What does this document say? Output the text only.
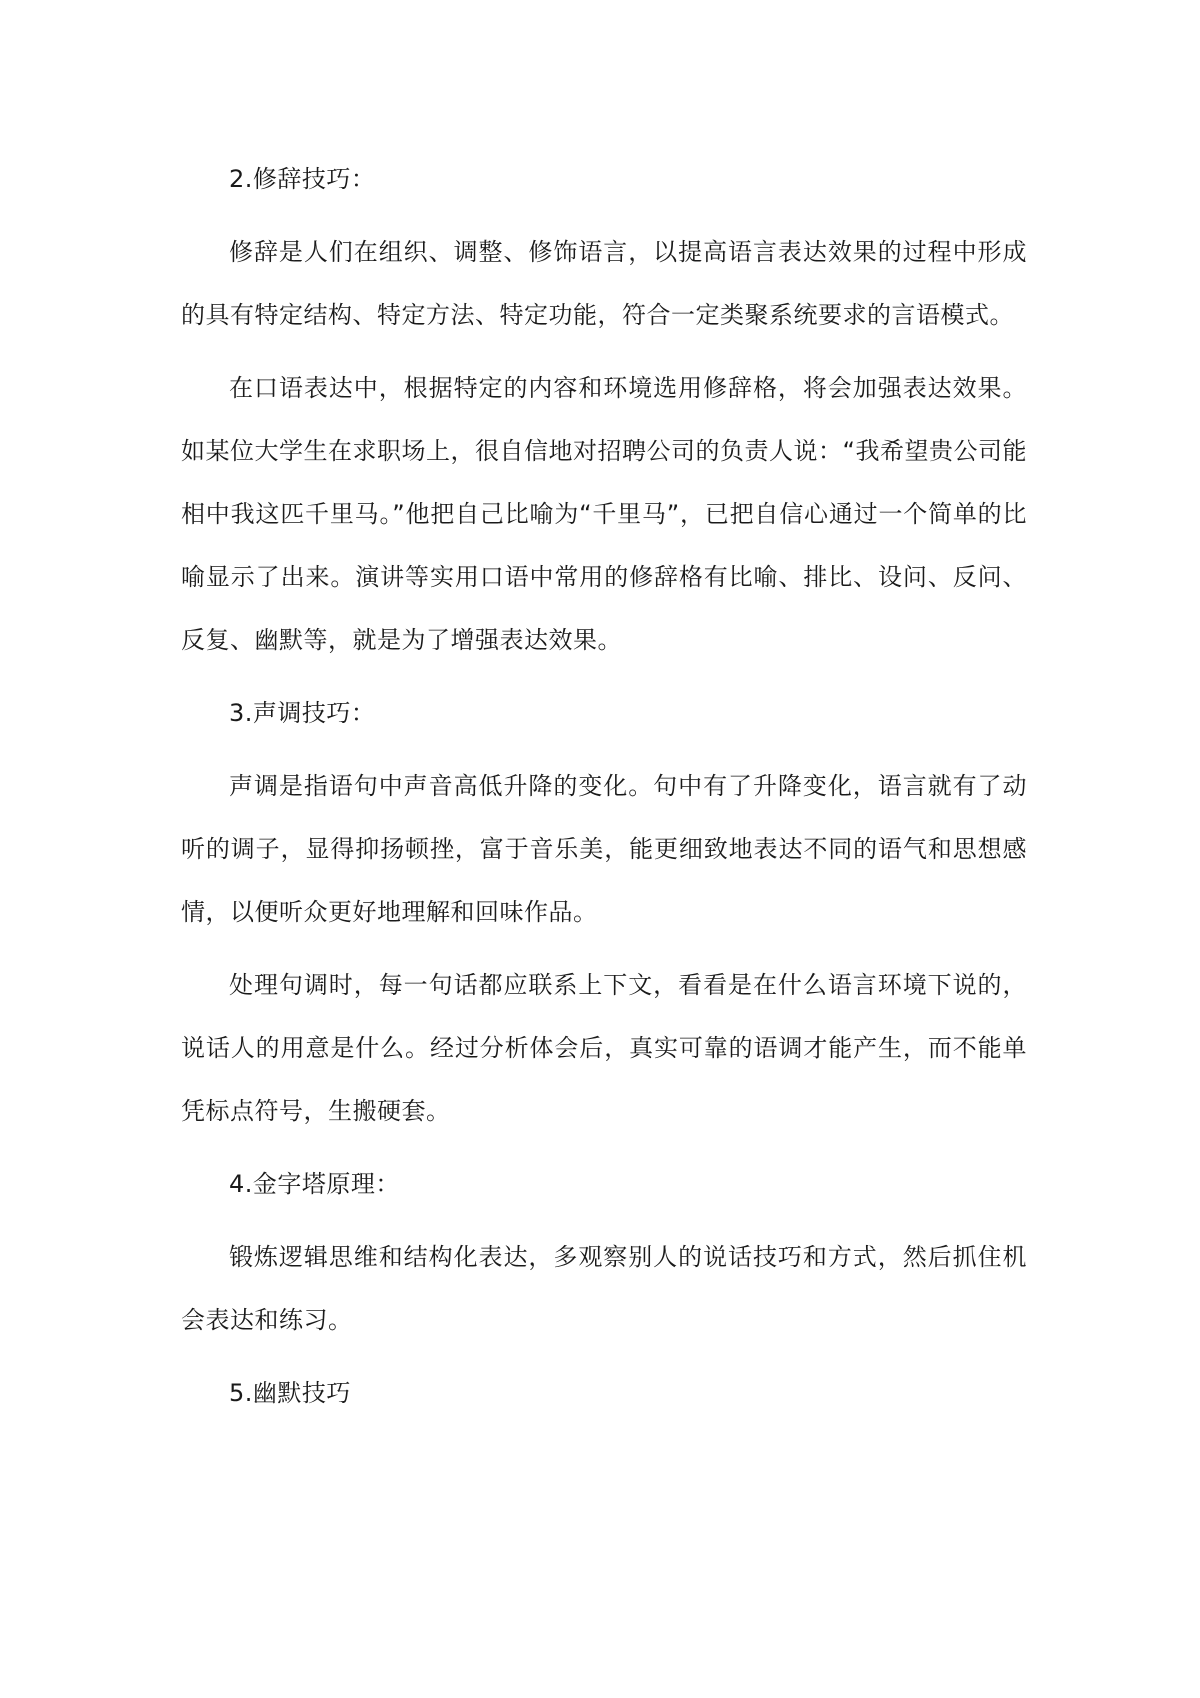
2.修辞技巧：

修辞是人们在组织、调整、修饰语言，以提高语言表达效果的过程中形成的具有特定结构、特定方法、特定功能，符合一定类聚系统要求的言语模式。

在口语表达中，根据特定的内容和环境选用修辞格，将会加强表达效果。如某位大学生在求职场上，很自信地对招聘公司的负责人说：“我希望贵公司能相中我这匹千里马。”他把自己比喻为“千里马”，已把自信心通过一个简单的比喻显示了出来。演讲等实用口语中常用的修辞格有比喻、排比、设问、反问、反复、幽默等，就是为了增强表达效果。

3.声调技巧：

声调是指语句中声音高低升降的变化。句中有了升降变化，语言就有了动听的调子，显得抑扬顿挫，富于音乐美，能更细致地表达不同的语气和思想感情，以便听众更好地理解和回味作品。

处理句调时，每一句话都应联系上下文，看看是在什么语言环境下说的，说话人的用意是什么。经过分析体会后，真实可靠的语调才能产生，而不能单凭标点符号，生搬硬套。

4.金字塔原理：

锻炼逻辑思维和结构化表达，多观察别人的说话技巧和方式，然后抓住机会表达和练习。

5.幽默技巧
